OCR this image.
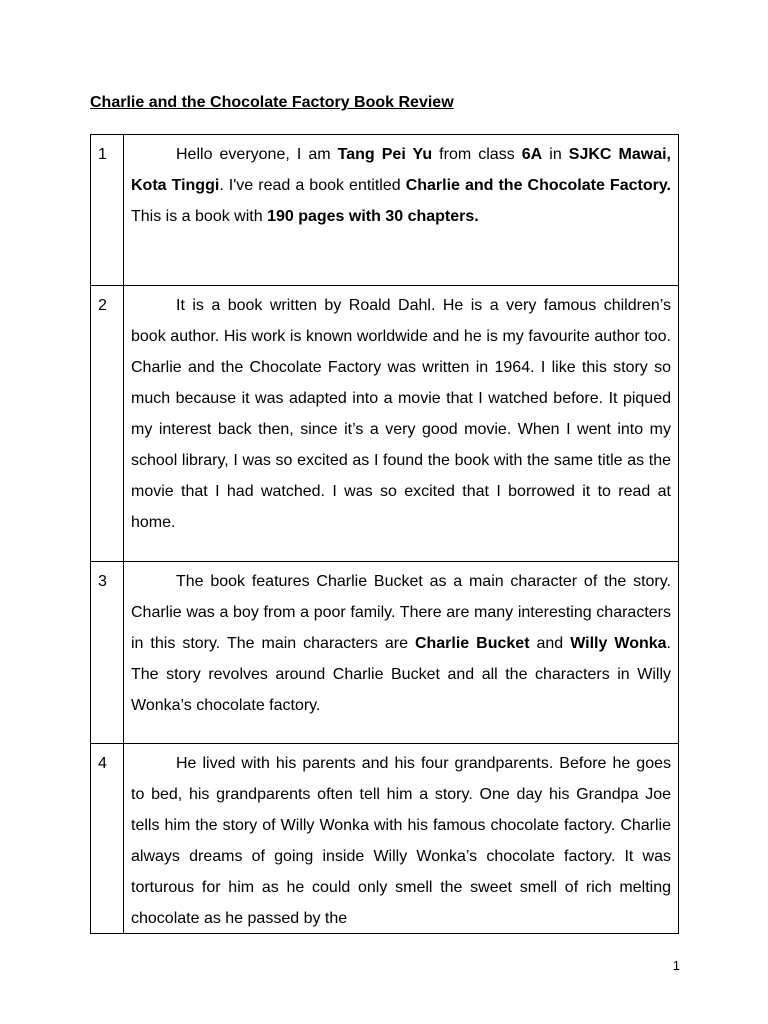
Charlie and the Chocolate Factory Book Review
1	Hello everyone, I am Tang Pei Yu from class 6A in SJKC Mawai, Kota Tinggi. I've read a book entitled Charlie and the Chocolate Factory. This is a book with 190 pages with 30 chapters.

2	It is a book written by Roald Dahl. He is a very famous children’s book author. His work is known worldwide and he is my favourite author too. Charlie and the Chocolate Factory was written in 1964. I like this story so much because it was adapted into a movie that I watched before. It piqued my interest back then, since it’s a very good movie. When I went into my school library, I was so excited as I found the book with the same title as the movie that I had watched. I was so excited that I borrowed it to read at home.

3	The book features Charlie Bucket as a main character of the story. Charlie was a boy from a poor family. There are many interesting characters in this story. The main characters are Charlie Bucket and Willy Wonka. The story revolves around Charlie Bucket and all the characters in Willy Wonka’s chocolate factory.

4	He lived with his parents and his four grandparents. Before he goes to bed, his grandparents often tell him a story. One day his Grandpa Joe tells him the story of Willy Wonka with his famous chocolate factory. Charlie always dreams of going inside Willy Wonka’s chocolate factory. It was torturous for him as he could only smell the sweet smell of rich melting chocolate as he passed by the

1
